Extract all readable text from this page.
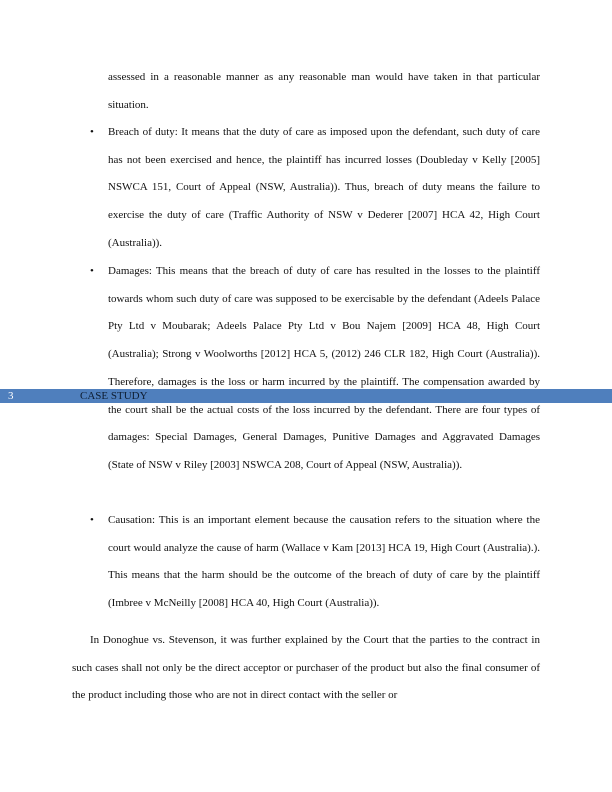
assessed in a reasonable manner as any reasonable man would have taken in that particular situation.

• Breach of duty: It means that the duty of care as imposed upon the defendant, such duty of care has not been exercised and hence, the plaintiff has incurred losses (Doubleday v Kelly [2005] NSWCA 151, Court of Appeal (NSW, Australia)). Thus, breach of duty means the failure to exercise the duty of care (Traffic Authority of NSW v Dederer [2007] HCA 42, High Court (Australia)).

• Damages: This means that the breach of duty of care has resulted in the losses to the plaintiff towards whom such duty of care was supposed to be exercisable by the defendant (Adeels Palace Pty Ltd v Moubarak; Adeels Palace Pty Ltd v Bou Najem [2009] HCA 48, High Court (Australia); Strong v Woolworths [2012] HCA 5, (2012) 246 CLR 182, High Court (Australia)). Therefore, damages is the loss or harm incurred by the plaintiff. The compensation awarded by the court shall be the actual costs of the loss incurred by the defendant. There are four types of damages: Special Damages, General Damages, Punitive Damages and Aggravated Damages (State of NSW v Riley [2003] NSWCA 208, Court of Appeal (NSW, Australia)).

• Causation: This is an important element because the causation refers to the situation where the court would analyze the cause of harm (Wallace v Kam [2013] HCA 19, High Court (Australia).). This means that the harm should be the outcome of the breach of duty of care by the plaintiff (Imbree v McNeilly [2008] HCA 40, High Court (Australia)).

In Donoghue vs. Stevenson, it was further explained by the Court that the parties to the contract in such cases shall not only be the direct acceptor or purchaser of the product but also the final consumer of the product including those who are not in direct contact with the seller or

3	CASE STUDY
